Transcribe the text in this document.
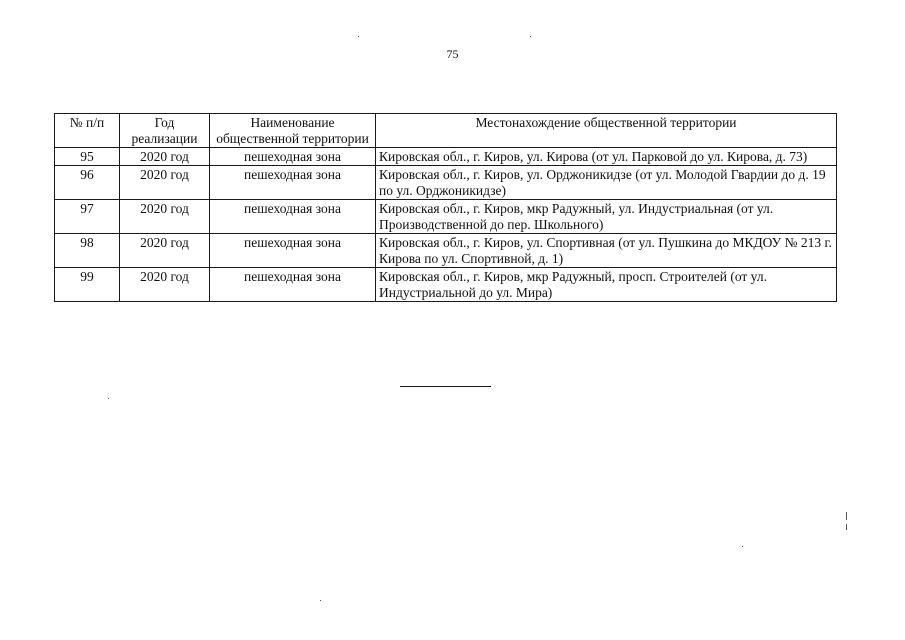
75
№ п/п	Год реализации	Наименование общественной территории	Местонахождение общественной территории
95	2020 год	пешеходная зона	Кировская обл., г. Киров, ул. Кирова (от ул. Парковой до ул. Кирова, д. 73)
96	2020 год	пешеходная зона	Кировская обл., г. Киров, ул. Орджоникидзе (от ул. Молодой Гвардии до д. 19 по ул. Орджоникидзе)
97	2020 год	пешеходная зона	Кировская обл., г. Киров, мкр Радужный, ул. Индустриальная (от ул. Производственной до пер. Школьного)
98	2020 год	пешеходная зона	Кировская обл., г. Киров, ул. Спортивная (от ул. Пушкина до МКДОУ № 213 г. Кирова по ул. Спортивной, д. 1)
99	2020 год	пешеходная зона	Кировская обл., г. Киров, мкр Радужный, просп. Строителей (от ул. Индустриальной до ул. Мира)
